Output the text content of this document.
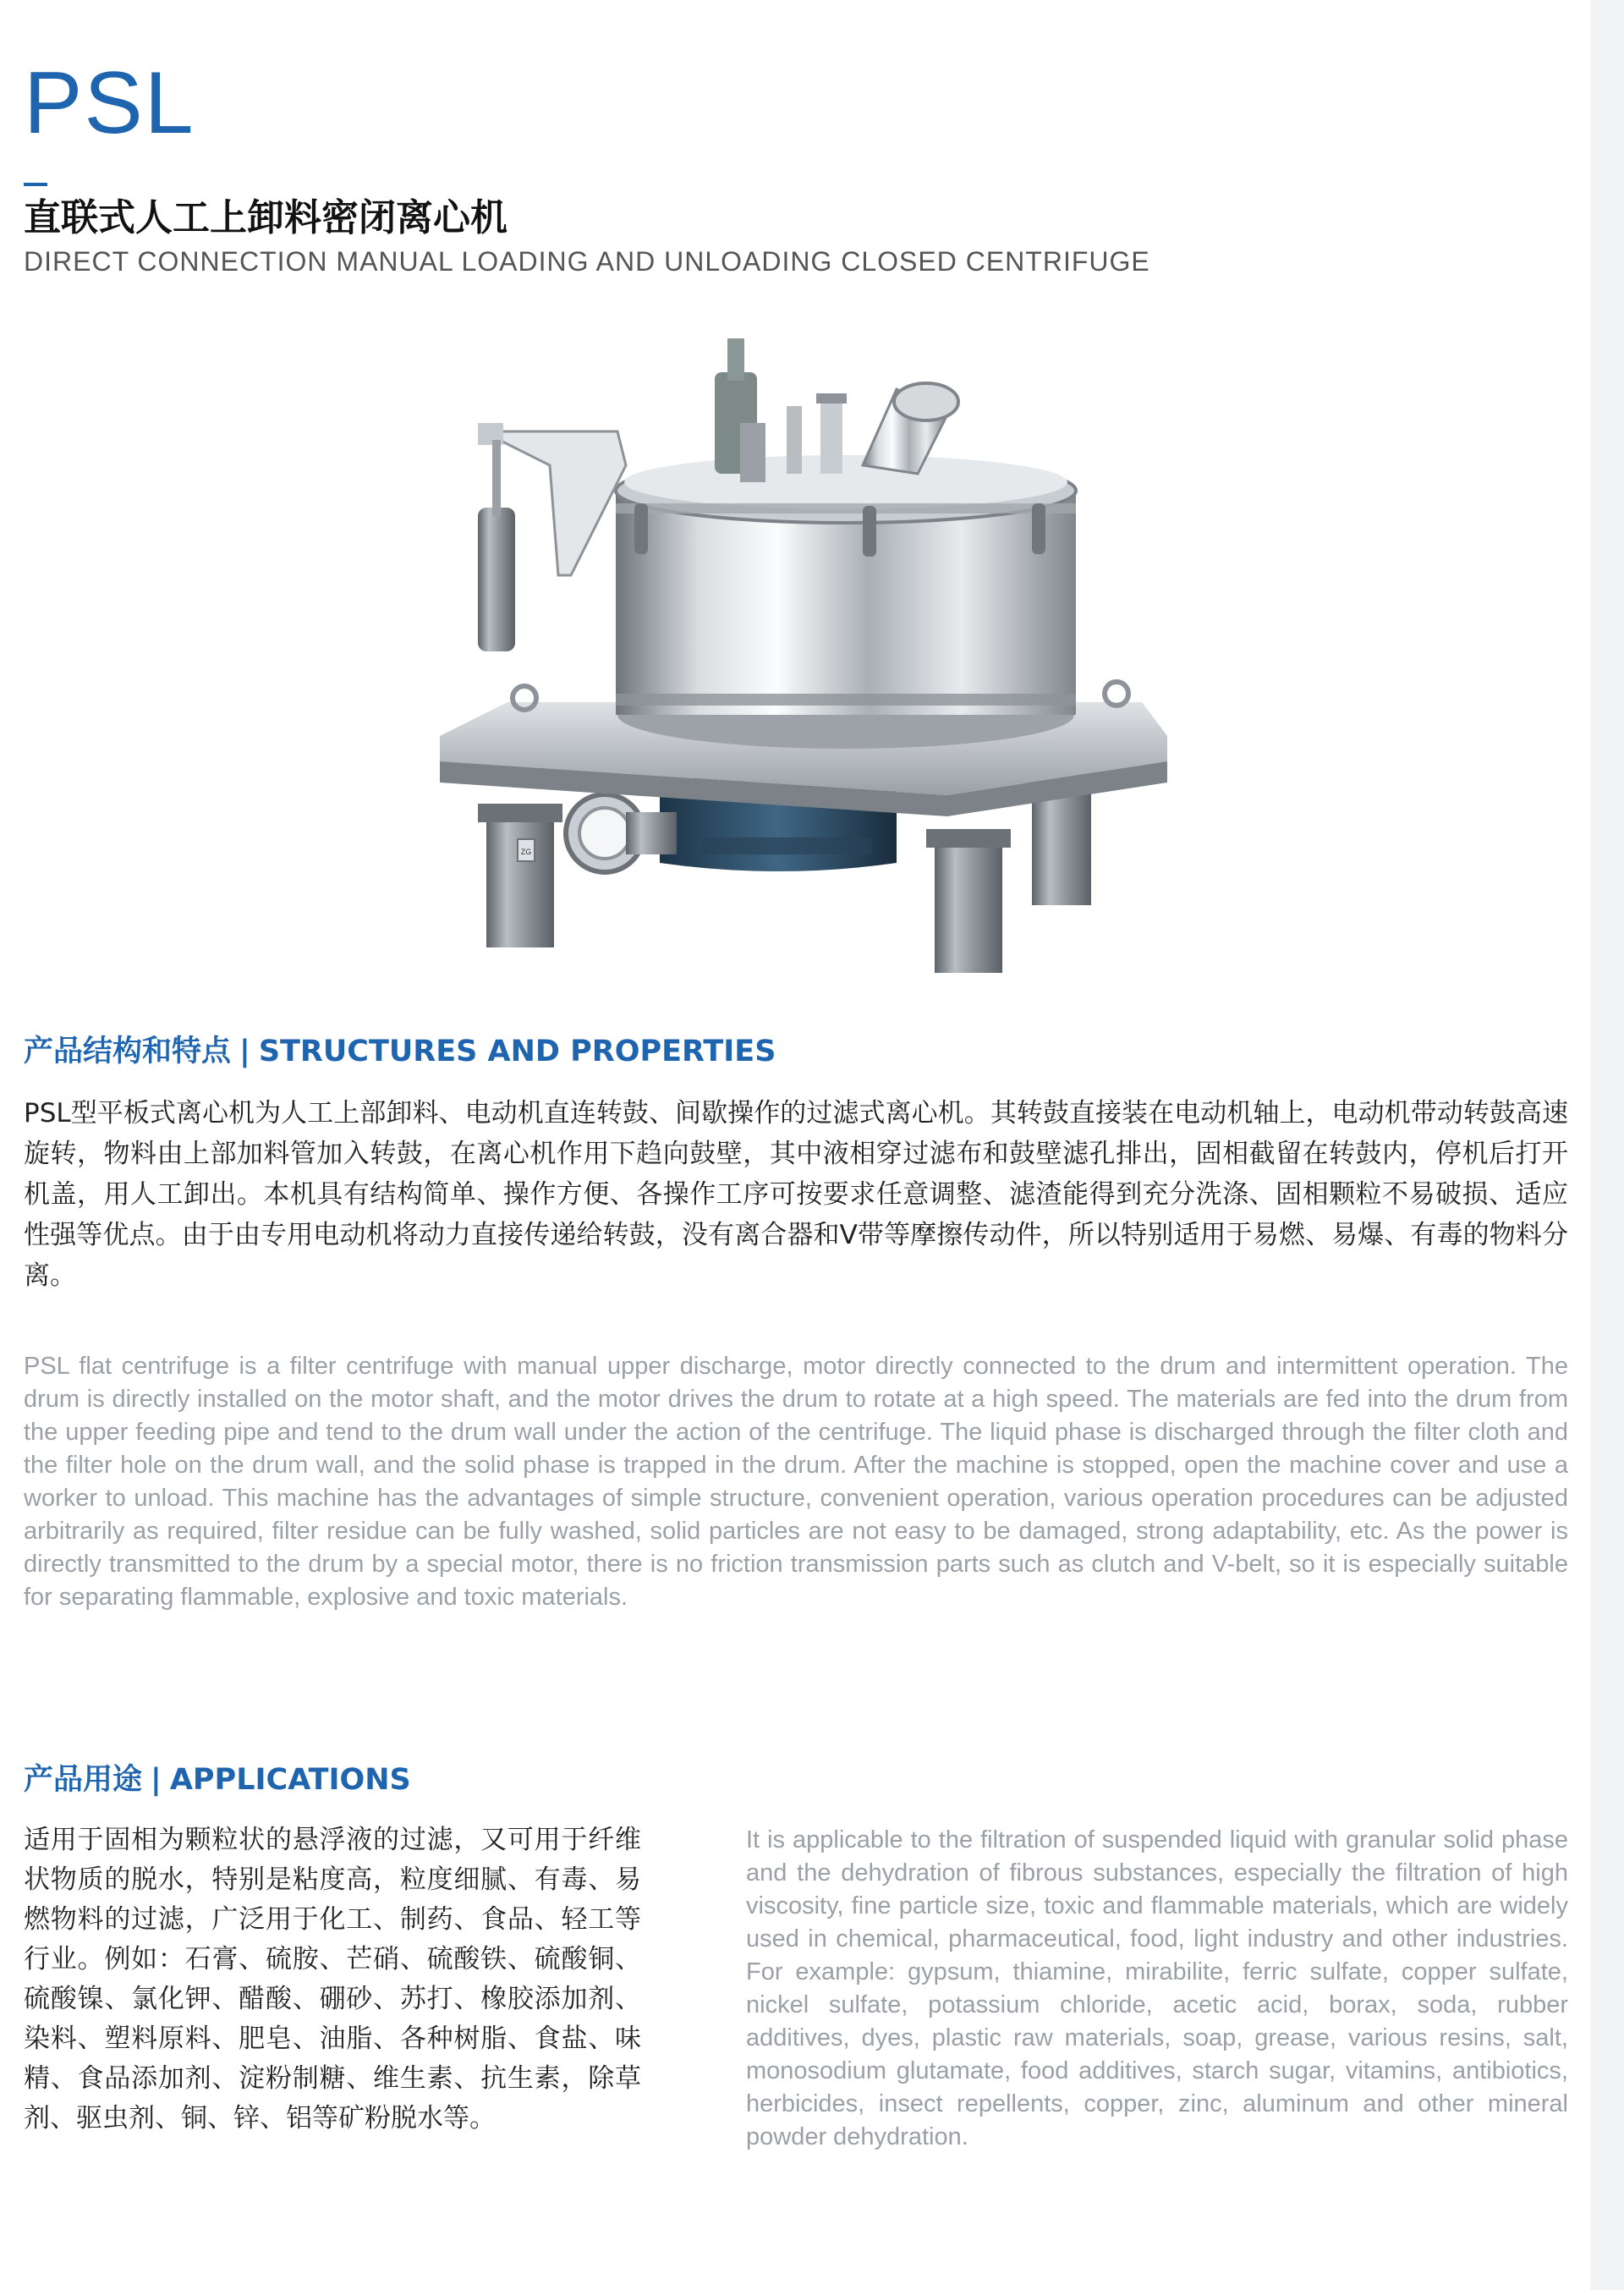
PSL
直联式人工上卸料密闭离心机
DIRECT CONNECTION MANUAL LOADING AND UNLOADING CLOSED CENTRIFUGE
ZG
产品结构和特点 | STRUCTURES AND PROPERTIES
PSL型平板式离心机为人工上部卸料、电动机直连转鼓、间歇操作的过滤式离心机。其转鼓直接装在电动机轴上，电动机带动转鼓高速旋转，物料由上部加料管加入转鼓，在离心机作用下趋向鼓壁，其中液相穿过滤布和鼓壁滤孔排出，固相截留在转鼓内，停机后打开机盖，用人工卸出。本机具有结构简单、操作方便、各操作工序可按要求任意调整、滤渣能得到充分洗涤、固相颗粒不易破损、适应性强等优点。由于由专用电动机将动力直接传递给转鼓，没有离合器和V带等摩擦传动件，所以特别适用于易燃、易爆、有毒的物料分离。
PSL flat centrifuge is a filter centrifuge with manual upper discharge, motor directly connected to the drum and intermittent operation. The drum is directly installed on the motor shaft, and the motor drives the drum to rotate at a high speed. The materials are fed into the drum from the upper feeding pipe and tend to the drum wall under the action of the centrifuge. The liquid phase is discharged through the filter cloth and the filter hole on the drum wall, and the solid phase is trapped in the drum. After the machine is stopped, open the machine cover and use a worker to unload. This machine has the advantages of simple structure, convenient operation, various operation procedures can be adjusted arbitrarily as required, filter residue can be fully washed, solid particles are not easy to be damaged, strong adaptability, etc. As the power is directly transmitted to the drum by a special motor, there is no friction transmission parts such as clutch and V-belt, so it is especially suitable for separating flammable, explosive and toxic materials.
产品用途 | APPLICATIONS
适用于固相为颗粒状的悬浮液的过滤，又可用于纤维状物质的脱水，特别是粘度高，粒度细腻、有毒、易燃物料的过滤，广泛用于化工、制药、食品、轻工等行业。例如：石膏、硫胺、芒硝、硫酸铁、硫酸铜、硫酸镍、氯化钾、醋酸、硼砂、苏打、橡胶添加剂、染料、塑料原料、肥皂、油脂、各种树脂、食盐、味精、食品添加剂、淀粉制糖、维生素、抗生素，除草剂、驱虫剂、铜、锌、铝等矿粉脱水等。
It is applicable to the filtration of suspended liquid with granular solid phase and the dehydration of fibrous substances, especially the filtration of high viscosity, fine particle size, toxic and flammable materials, which are widely used in chemical, pharmaceutical, food, light industry and other industries. For example: gypsum, thiamine, mirabilite, ferric sulfate, copper sulfate, nickel sulfate, potassium chloride, acetic acid, borax, soda, rubber additives, dyes, plastic raw materials, soap, grease, various resins, salt, monosodium glutamate, food additives, starch sugar, vitamins, antibiotics, herbicides, insect repellents, copper, zinc, aluminum and other mineral powder dehydration.
